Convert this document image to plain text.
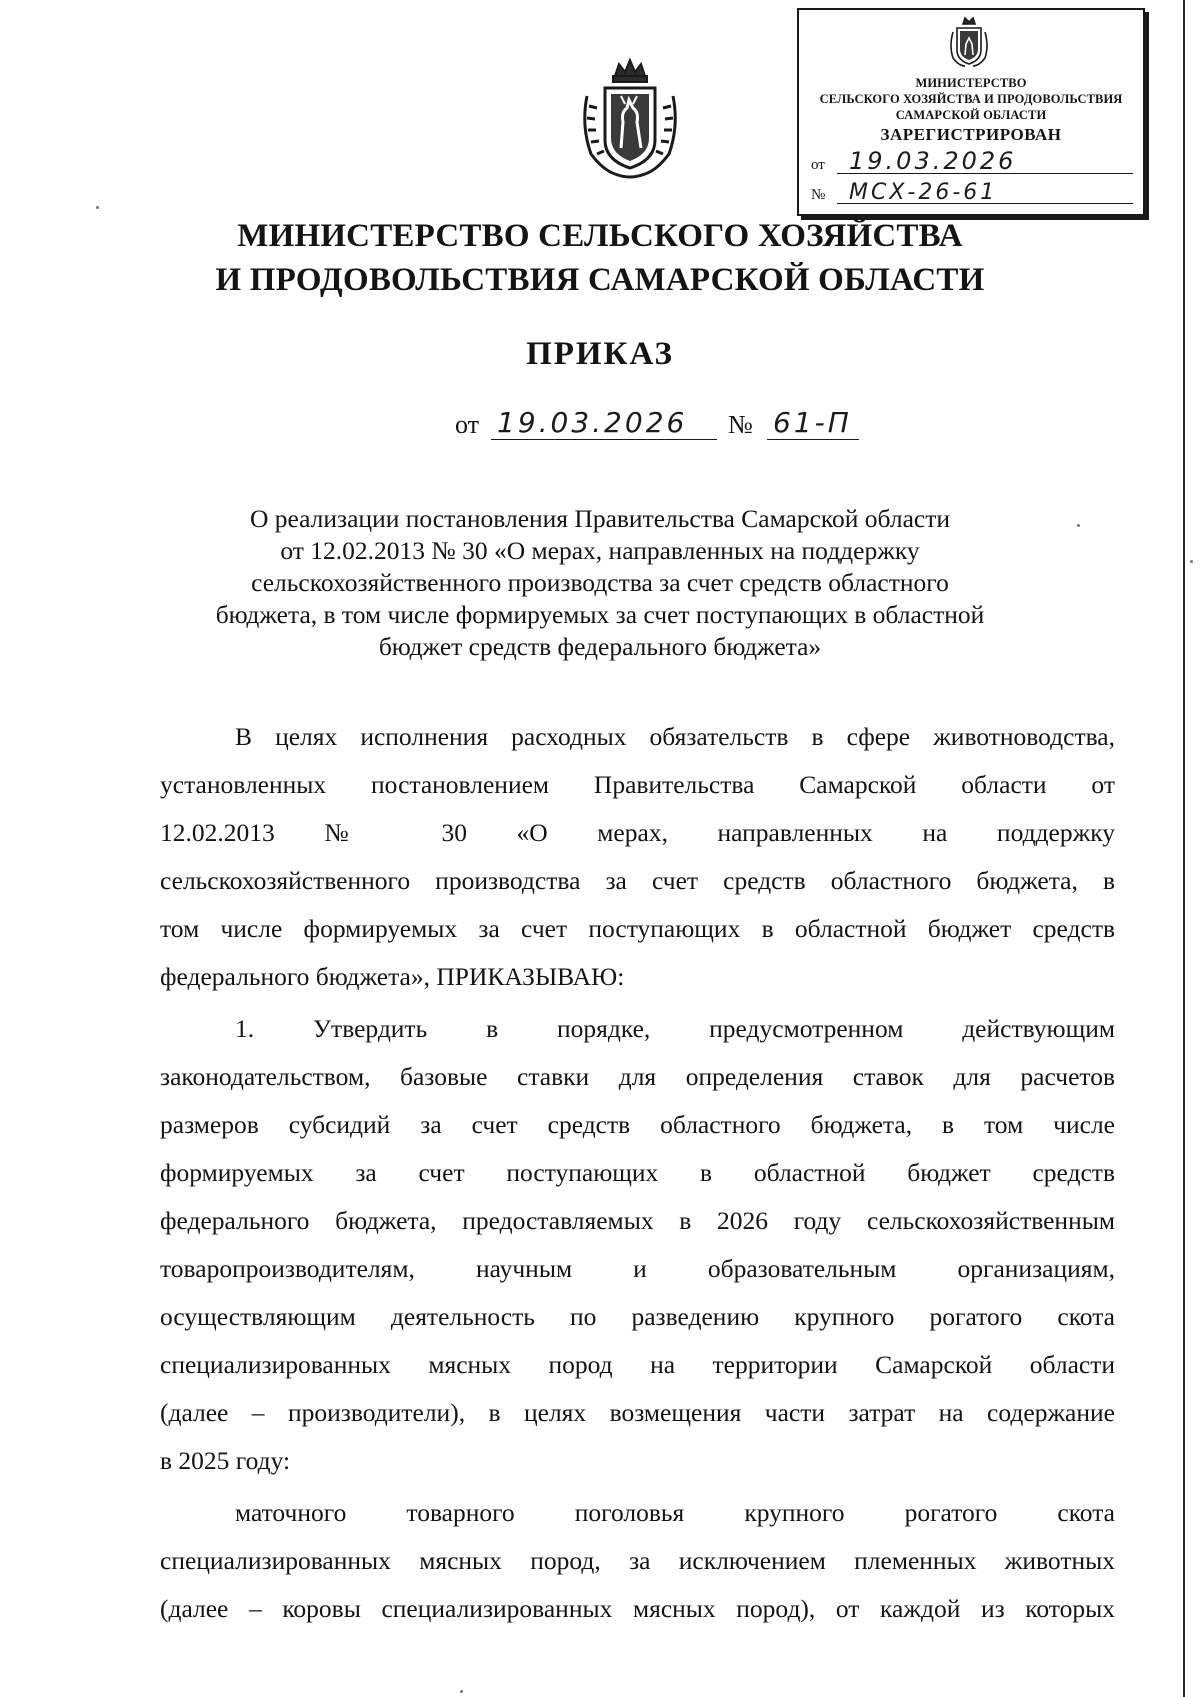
МИНИСТЕРСТВО
СЕЛЬСКОГО ХОЗЯЙСТВА И ПРОДОВОЛЬСТВИЯ
САМАРСКОЙ ОБЛАСТИ
ЗАРЕГИСТРИРОВАН
от 19.03.2026
№ МСХ-26-61
МИНИСТЕРСТВО СЕЛЬСКОГО ХОЗЯЙСТВА
И ПРОДОВОЛЬСТВИЯ САМАРСКОЙ ОБЛАСТИ
ПРИКАЗ
от 19.03.2026 № 61-П
О реализации постановления Правительства Самарской области
от 12.02.2013 № 30 «О мерах, направленных на поддержку
сельскохозяйственного производства за счет средств областного
бюджета, в том числе формируемых за счет поступающих в областной
бюджет средств федерального бюджета»
В целях исполнения расходных обязательств в сфере животноводства,
установленных постановлением Правительства Самарской области от
12.02.2013 № 30 «О мерах, направленных на поддержку
сельскохозяйственного производства за счет средств областного бюджета, в
том числе формируемых за счет поступающих в областной бюджет средств
федерального бюджета», ПРИКАЗЫВАЮ:
1. Утвердить в порядке, предусмотренном действующим
законодательством, базовые ставки для определения ставок для расчетов
размеров субсидий за счет средств областного бюджета, в том числе
формируемых за счет поступающих в областной бюджет средств
федерального бюджета, предоставляемых в 2026 году сельскохозяйственным
товаропроизводителям, научным и образовательным организациям,
осуществляющим деятельность по разведению крупного рогатого скота
специализированных мясных пород на территории Самарской области
(далее – производители), в целях возмещения части затрат на содержание
в 2025 году:
маточного товарного поголовья крупного рогатого скота
специализированных мясных пород, за исключением племенных животных
(далее – коровы специализированных мясных пород), от каждой из которых
